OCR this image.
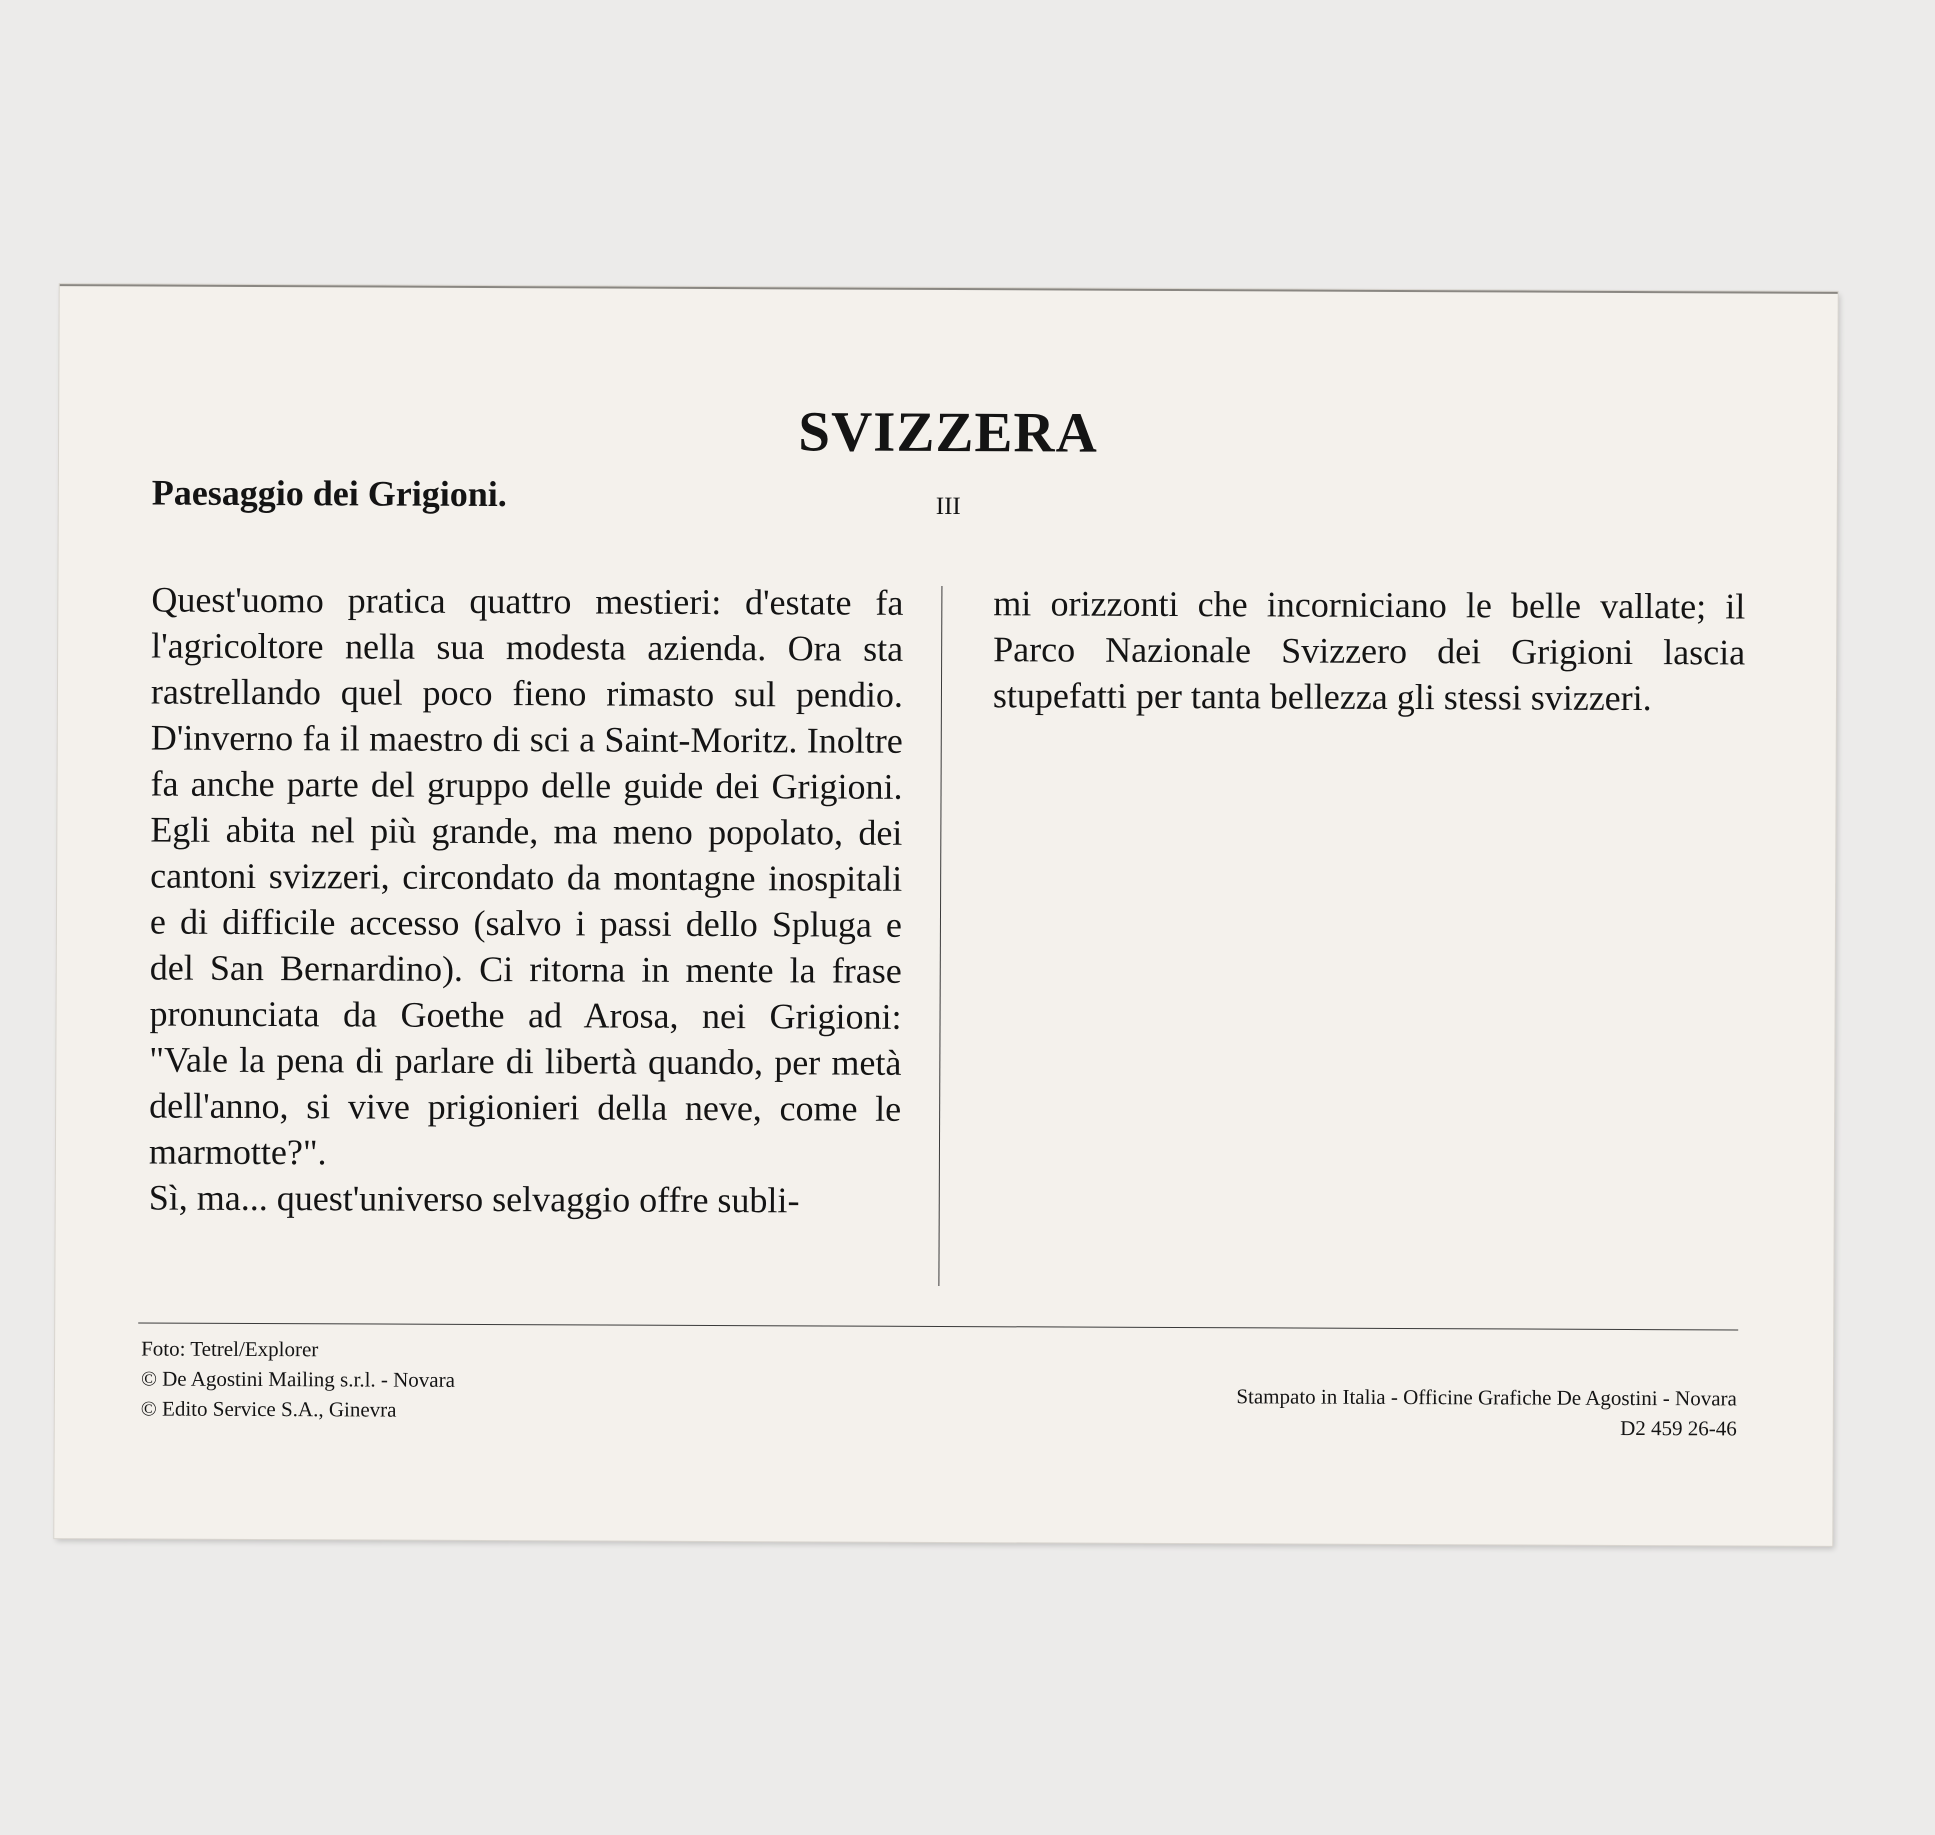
SVIZZERA
Paesaggio dei Grigioni.	III

Quest'uomo pratica quattro mestieri: d'estate fa l'agricoltore nella sua modesta azienda. Ora sta rastrellando quel poco fieno rimasto sul pendio. D'inverno fa il maestro di sci a Saint-Moritz. Inoltre fa anche parte del gruppo delle guide dei Grigioni. Egli abita nel più grande, ma meno popolato, dei cantoni svizzeri, circondato da montagne inospitali e di difficile accesso (salvo i passi dello Spluga e del San Bernardino). Ci ritorna in mente la frase pronunciata da Goethe ad Arosa, nei Grigioni: "Vale la pena di parlare di libertà quando, per metà dell'anno, si vive prigionieri della neve, come le marmotte?".

Sì, ma... quest'universo selvaggio offre subli-

mi orizzonti che incorniciano le belle vallate; il Parco Nazionale Svizzero dei Grigioni lascia stupefatti per tanta bellezza gli stessi svizzeri.

Foto: Tetrel/Explorer
© De Agostini Mailing s.r.l. - Novara
© Edito Service S.A., Ginevra	Stampato in Italia - Officine Grafiche De Agostini - Novara
D2 459 26-46
